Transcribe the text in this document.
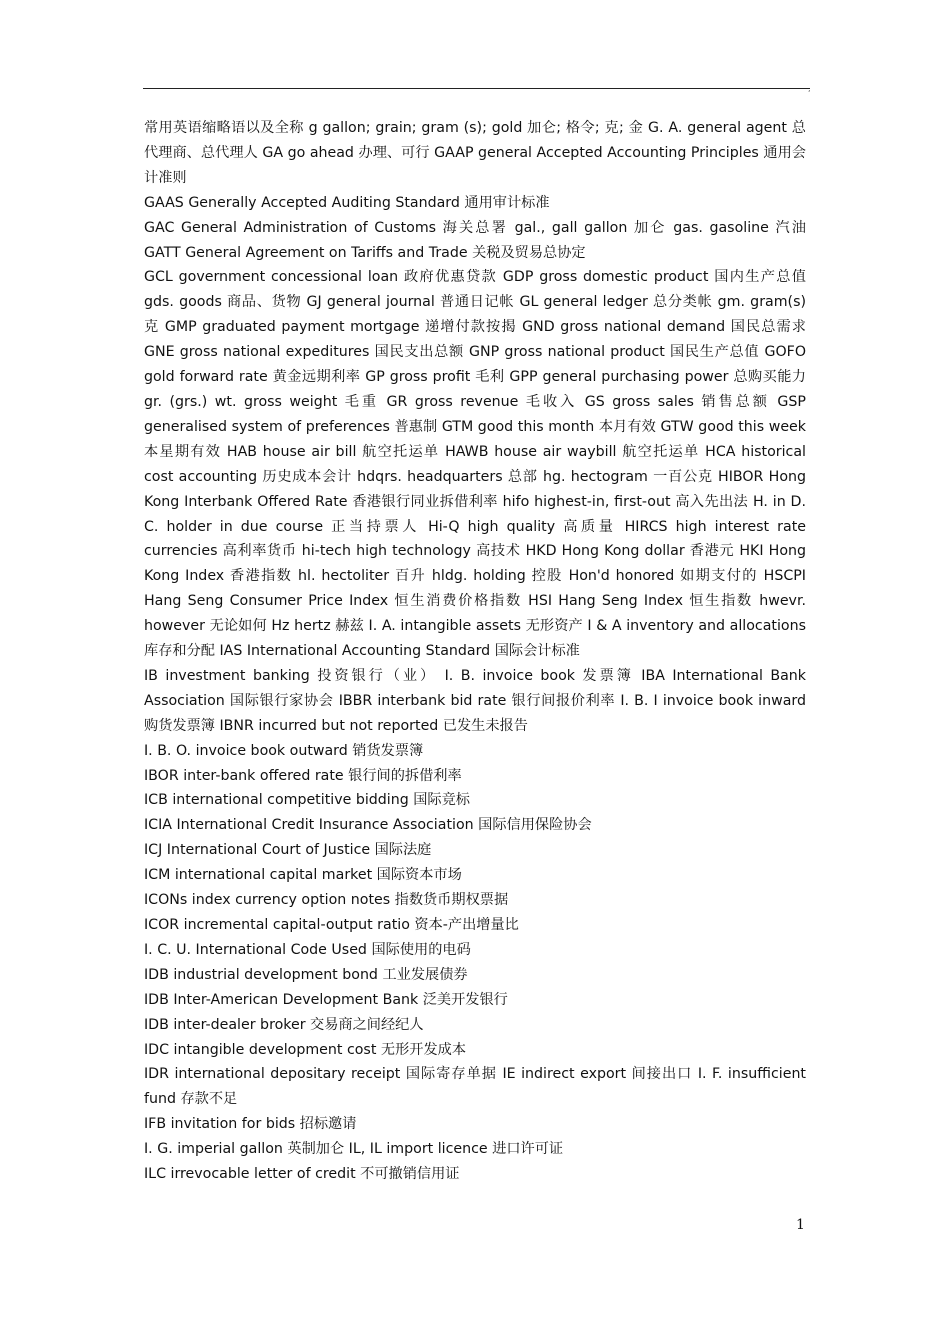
,

常用英语缩略语以及全称 g gallon; grain; gram (s); gold 加仑; 格令; 克; 金 G. A. general agent 总代理商、总代理人 GA go ahead 办理、可行 GAAP general Accepted Accounting Principles 通用会计准则

GAAS Generally Accepted Auditing Standard 通用审计标准

GAC General Administration of Customs 海关总署 gal., gall gallon 加仑 gas. gasoline 汽油 GATT General Agreement on Tariffs and Trade 关税及贸易总协定

GCL government concessional loan 政府优惠贷款 GDP gross domestic product 国内生产总值 gds. goods 商品、货物 GJ general journal 普通日记帐 GL general ledger 总分类帐 gm. gram(s) 克 GMP graduated payment mortgage 递增付款按揭 GND gross national demand 国民总需求 GNE gross national expeditures 国民支出总额 GNP gross national product 国民生产总值 GOFO gold forward rate 黄金远期利率 GP gross profit 毛利 GPP general purchasing power 总购买能力 gr. (grs.) wt. gross weight 毛重 GR gross revenue 毛收入 GS gross sales 销售总额 GSP generalised system of preferences 普惠制 GTM good this month 本月有效 GTW good this week 本星期有效 HAB house air bill 航空托运单 HAWB house air waybill 航空托运单 HCA historical cost accounting 历史成本会计 hdqrs. headquarters 总部 hg. hectogram 一百公克 HIBOR Hong Kong Interbank Offered Rate 香港银行同业拆借利率 hifo highest-in, first-out 高入先出法 H. in D. C. holder in due course 正当持票人 Hi-Q high quality 高质量 HIRCS high interest rate currencies 高利率货币 hi-tech high technology 高技术 HKD Hong Kong dollar 香港元 HKI Hong Kong Index 香港指数 hl. hectoliter 百升 hldg. holding 控股 Hon'd honored 如期支付的 HSCPI Hang Seng Consumer Price Index 恒生消费价格指数 HSI Hang Seng Index 恒生指数 hwevr. however 无论如何 Hz hertz 赫兹 I. A. intangible assets 无形资产 I & A inventory and allocations 库存和分配 IAS International Accounting Standard 国际会计标准

IB investment banking 投资银行（业） I. B. invoice book 发票簿 IBA International Bank Association 国际银行家协会 IBBR interbank bid rate 银行间报价利率 I. B. I invoice book inward 购货发票簿 IBNR incurred but not reported 已发生未报告

I. B. O. invoice book outward 销货发票簿

IBOR inter-bank offered rate 银行间的拆借利率

ICB international competitive bidding 国际竞标

ICIA International Credit Insurance Association 国际信用保险协会

ICJ International Court of Justice 国际法庭

ICM international capital market 国际资本市场

ICONs index currency option notes 指数货币期权票据

ICOR incremental capital-output ratio 资本-产出增量比

I. C. U. International Code Used 国际使用的电码

IDB industrial development bond 工业发展债券

IDB Inter-American Development Bank 泛美开发银行

IDB inter-dealer broker 交易商之间经纪人

IDC intangible development cost 无形开发成本

IDR international depositary receipt 国际寄存单据 IE indirect export 间接出口 I. F. insufficient fund 存款不足

IFB invitation for bids 招标邀请

I. G. imperial gallon 英制加仑 IL, IL import licence 进口许可证

ILC irrevocable letter of credit 不可撤销信用证

1
